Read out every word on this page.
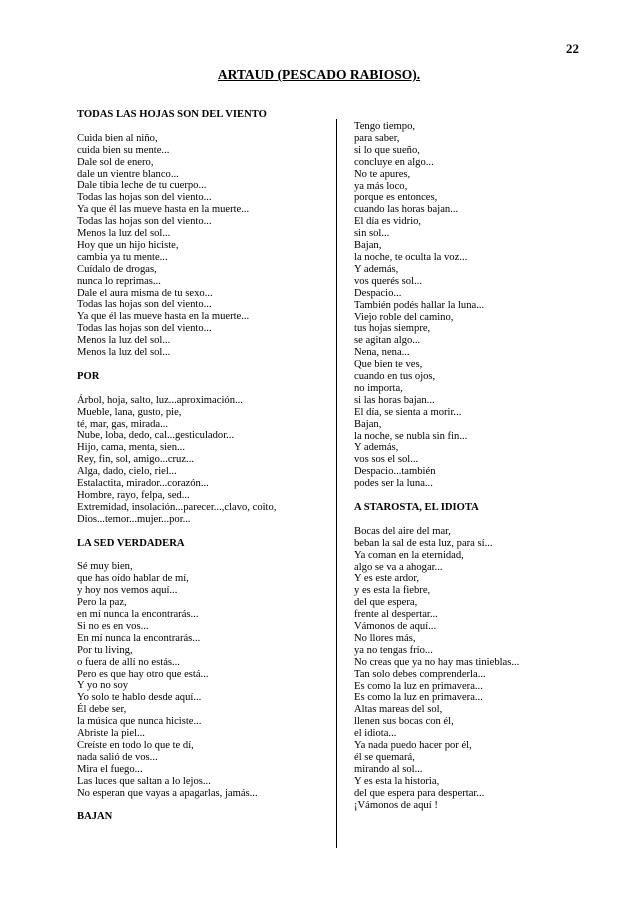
22
ARTAUD (PESCADO RABIOSO).
TODAS LAS HOJAS SON DEL VIENTO
Cuida bien al niño,
cuida bien su mente...
Dale sol de enero,
dale un vientre blanco...
Dale tibia leche de tu cuerpo...
Todas las hojas son del viento...
Ya que él las mueve hasta en la muerte...
Todas las hojas son del viento...
Menos la luz del sol...
Hoy que un hijo hiciste,
cambia ya tu mente...
Cuídalo de drogas,
nunca lo reprimas...
Dale el aura misma de tu sexo...
Todas las hojas son del viento...
Ya que él las mueve hasta en la muerte...
Todas las hojas son del viento...
Menos la luz del sol...
Menos la luz del sol...
POR
Árbol, hoja, salto, luz...aproximación...
Mueble, lana, gusto, pie,
té, mar, gas, mirada...
Nube, loba, dedo, cal...gesticulador...
Hijo, cama, menta, sien...
Rey, fin, sol, amigo...cruz...
Alga, dado, cielo, riel...
Estalactita, mirador...corazón...
Hombre, rayo, felpa, sed...
Extremidad, insolación...parecer...,clavo, coito,
Dios...temor...mujer...por...
LA SED VERDADERA
Sé muy bien,
que has oído hablar de mí,
y hoy nos vemos aquí...
Pero la paz,
en mí nunca la encontrarás...
Si no es en vos...
En mí nunca la encontrarás...
Por tu living,
o fuera de allí no estás...
Pero es que hay otro que está...
Y yo no soy
Yo solo te hablo desde aquí...
Él debe ser,
la música que nunca hiciste...
Abriste la piel...
Creíste en todo lo que te dí,
nada salió de vos...
Mira el fuego...
Las luces que saltan a lo lejos...
No esperan que vayas a apagarlas, jamás...
BAJAN
Tengo tiempo,
para saber,
si lo que sueño,
concluye en algo...
No te apures,
ya más loco,
porque es entonces,
cuando las horas bajan...
El día es vidrio,
sin sol...
Bajan,
la noche, te oculta la voz...
Y además,
vos querés sol...
Despacio...
También podés hallar la luna...
Viejo roble del camino,
tus hojas siempre,
se agitan algo...
Nena, nena...
Que bien te ves,
cuando en tus ojos,
no importa,
si las horas bajan...
El día, se sienta a morir...
Bajan,
la noche, se nubla sin fin...
Y además,
vos sos el sol...
Despacio...también
podes ser la luna...
A STAROSTA, EL IDIOTA
Bocas del aire del mar,
beban la sal de esta luz, para sí...
Ya coman en la eternidad,
algo se va a ahogar...
Y es este ardor,
y es esta la fiebre,
del que espera,
frente al despertar...
Vámonos de aquí...
No llores más,
ya no tengas frío...
No creas que ya no hay mas tinieblas...
Tan solo debes comprenderla...
Es como la luz en primavera...
Es como la luz en primavera...
Altas mareas del sol,
llenen sus bocas con él,
el idiota...
Ya nada puedo hacer por él,
él se quemará,
mirando al sol...
Y es esta la historia,
del que espera para despertar...
¡Vámonos de aquí !
